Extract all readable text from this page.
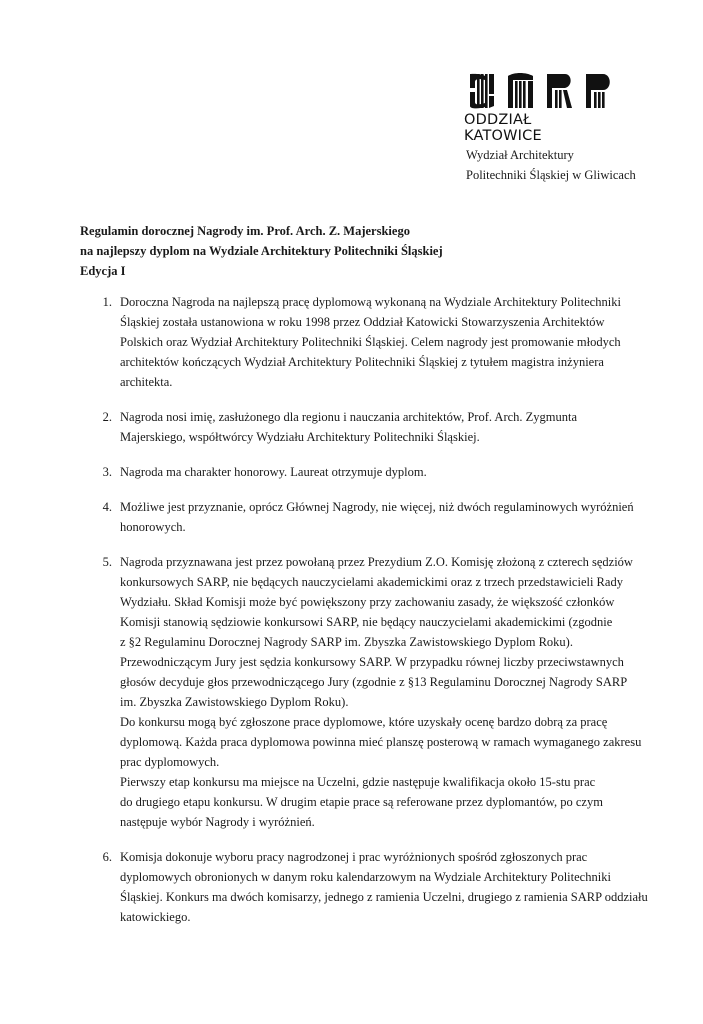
ODDZIAŁ KATOWICE
Wydział Architektury
Politechniki Śląskiej w Gliwicach
Regulamin dorocznej Nagrody im. Prof. Arch. Z. Majerskiego
na najlepszy dyplom na Wydziale Architektury Politechniki Śląskiej
Edycja I
1. Doroczna Nagroda na najlepszą pracę dyplomową wykonaną na Wydziale Architektury Politechniki
Śląskiej została ustanowiona w roku 1998 przez Oddział Katowicki Stowarzyszenia Architektów
Polskich oraz Wydział Architektury Politechniki Śląskiej. Celem nagrody jest promowanie młodych
architektów kończących Wydział Architektury Politechniki Śląskiej z tytułem magistra inżyniera
architekta.
2. Nagroda nosi imię, zasłużonego dla regionu i nauczania architektów, Prof. Arch. Zygmunta
Majerskiego, współtwórcy Wydziału Architektury Politechniki Śląskiej.
3. Nagroda ma charakter honorowy. Laureat otrzymuje dyplom.
4. Możliwe jest przyznanie, oprócz Głównej Nagrody, nie więcej, niż dwóch regulaminowych wyróżnień
honorowych.
5. Nagroda przyznawana jest przez powołaną przez Prezydium Z.O. Komisję złożoną z czterech sędziów
konkursowych SARP, nie będących nauczycielami akademickimi oraz z trzech przedstawicieli Rady
Wydziału. Skład Komisji może być powiększony przy zachowaniu zasady, że większość członków
Komisji stanowią sędziowie konkursowi SARP, nie będący nauczycielami akademickimi (zgodnie
z §2 Regulaminu Dorocznej Nagrody SARP im. Zbyszka Zawistowskiego Dyplom Roku).
Przewodniczącym Jury jest sędzia konkursowy SARP. W przypadku równej liczby przeciwstawnych
głosów decyduje głos przewodniczącego Jury (zgodnie z §13 Regulaminu Dorocznej Nagrody SARP
im. Zbyszka Zawistowskiego Dyplom Roku).
Do konkursu mogą być zgłoszone prace dyplomowe, które uzyskały ocenę bardzo dobrą za pracę
dyplomową. Każda praca dyplomowa powinna mieć planszę posterową w ramach wymaganego zakresu
prac dyplomowych.
Pierwszy etap konkursu ma miejsce na Uczelni, gdzie następuje kwalifikacja około 15-stu prac
do drugiego etapu konkursu. W drugim etapie prace są referowane przez dyplomantów, po czym
następuje wybór Nagrody i wyróżnień.
6. Komisja dokonuje wyboru pracy nagrodzonej i prac wyróżnionych spośród zgłoszonych prac
dyplomowych obronionych w danym roku kalendarzowym na Wydziale Architektury Politechniki
Śląskiej. Konkurs ma dwóch komisarzy, jednego z ramienia Uczelni, drugiego z ramienia SARP oddziału
katowickiego.
